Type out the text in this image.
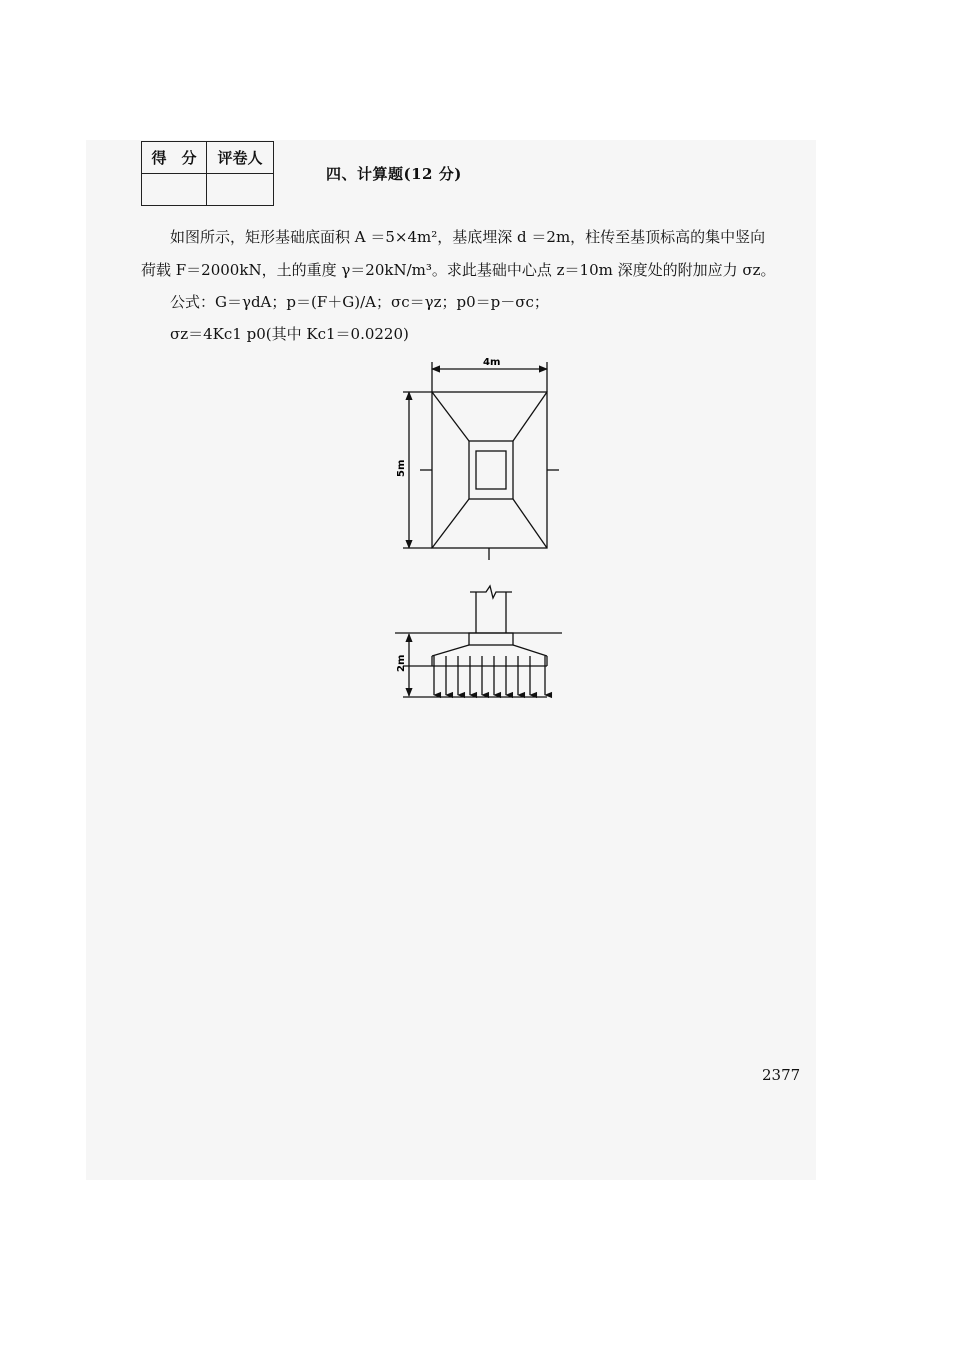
得　分	评卷人

四、计算题(12 分)
如图所示，矩形基础底面积 A ＝5×4m²，基底埋深 d ＝2m，柱传至基顶标高的集中竖向
荷载 F＝2000kN，土的重度 γ＝20kN/m³。求此基础中心点 z＝10m 深度处的附加应力 σz。
公式：G＝γdA；p＝(F＋G)/A；σc＝γz；p0＝p－σc；
σz＝4Kc1 p0(其中 Kc1＝0.0220)
4m
5m
2m
2377
